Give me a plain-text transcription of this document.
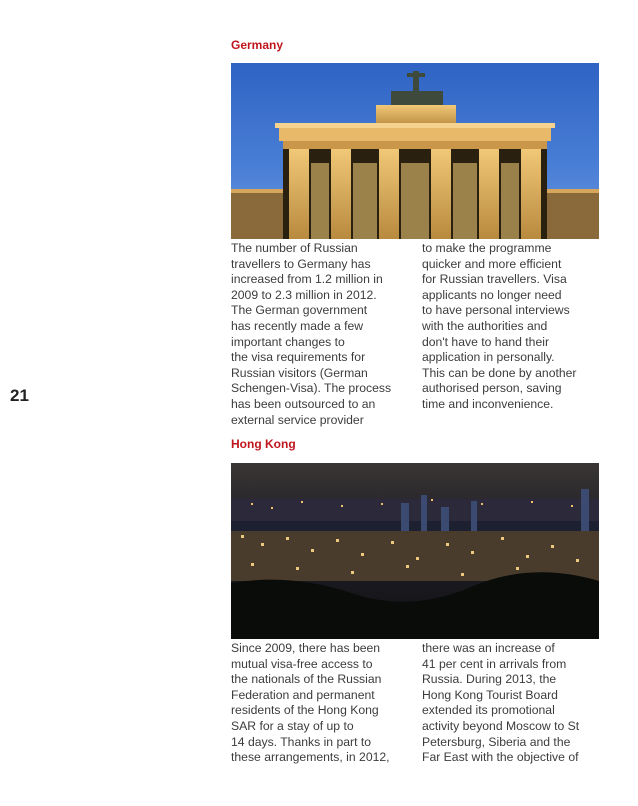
21
Germany

The number of Russian
travellers to Germany has
increased from 1.2 million in
2009 to 2.3 million in 2012.
The German government
has recently made a few
important changes to
the visa requirements for
Russian visitors (German
Schengen-Visa). The process
has been outsourced to an
external service provider

to make the programme
quicker and more efficient
for Russian travellers. Visa
applicants no longer need
to have personal interviews
with the authorities and
don't have to hand their
application in personally.
This can be done by another
authorised person, saving
time and inconvenience.

Hong Kong

Since 2009, there has been
mutual visa-free access to
the nationals of the Russian
Federation and permanent
residents of the Hong Kong
SAR for a stay of up to
14 days. Thanks in part to
these arrangements, in 2012,

there was an increase of
41 per cent in arrivals from
Russia. During 2013, the
Hong Kong Tourist Board
extended its promotional
activity beyond Moscow to St
Petersburg, Siberia and the
Far East with the objective of
